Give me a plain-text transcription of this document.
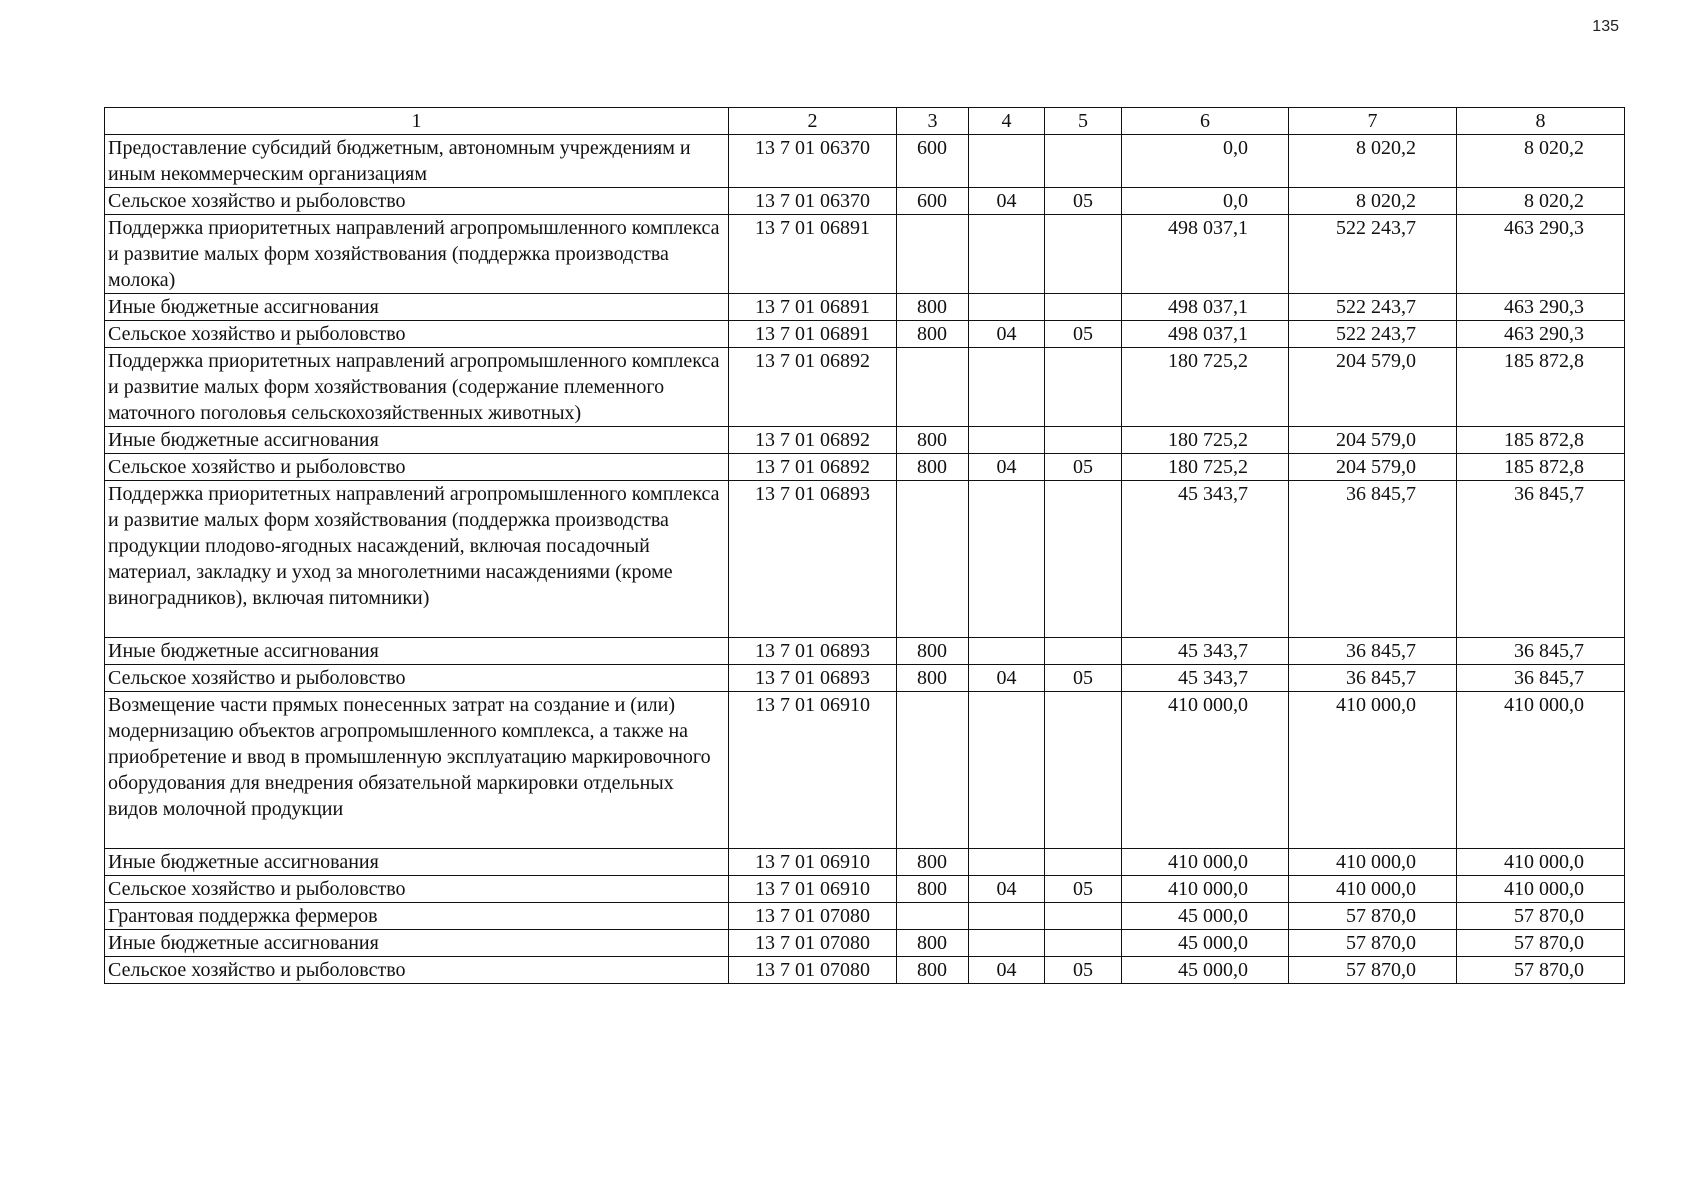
135
1	2	3	4	5	6	7	8
Предоставление субсидий бюджетным, автономным учреждениям и иным некоммерческим организациям	13 7 01 06370	600			0,0	8 020,2	8 020,2
Сельское хозяйство и рыболовство	13 7 01 06370	600	04	05	0,0	8 020,2	8 020,2
Поддержка приоритетных направлений агропромышленного комплекса и развитие малых форм хозяйствования (поддержка производства молока)	13 7 01 06891				498 037,1	522 243,7	463 290,3
Иные бюджетные ассигнования	13 7 01 06891	800			498 037,1	522 243,7	463 290,3
Сельское хозяйство и рыболовство	13 7 01 06891	800	04	05	498 037,1	522 243,7	463 290,3
Поддержка приоритетных направлений агропромышленного комплекса и развитие малых форм хозяйствования (содержание племенного маточного поголовья сельскохозяйственных животных)	13 7 01 06892				180 725,2	204 579,0	185 872,8
Иные бюджетные ассигнования	13 7 01 06892	800			180 725,2	204 579,0	185 872,8
Сельское хозяйство и рыболовство	13 7 01 06892	800	04	05	180 725,2	204 579,0	185 872,8
Поддержка приоритетных направлений агропромышленного комплекса и развитие малых форм хозяйствования (поддержка производства продукции плодово-ягодных насаждений, включая посадочный материал, закладку и уход за многолетними насаждениями (кроме виноградников), включая питомники)	13 7 01 06893				45 343,7	36 845,7	36 845,7
Иные бюджетные ассигнования	13 7 01 06893	800			45 343,7	36 845,7	36 845,7
Сельское хозяйство и рыболовство	13 7 01 06893	800	04	05	45 343,7	36 845,7	36 845,7
Возмещение части прямых понесенных затрат на создание и (или) модернизацию объектов агропромышленного комплекса, а также на приобретение и ввод в промышленную эксплуатацию маркировочного оборудования для внедрения обязательной маркировки отдельных видов молочной продукции	13 7 01 06910				410 000,0	410 000,0	410 000,0
Иные бюджетные ассигнования	13 7 01 06910	800			410 000,0	410 000,0	410 000,0
Сельское хозяйство и рыболовство	13 7 01 06910	800	04	05	410 000,0	410 000,0	410 000,0
Грантовая поддержка фермеров	13 7 01 07080				45 000,0	57 870,0	57 870,0
Иные бюджетные ассигнования	13 7 01 07080	800			45 000,0	57 870,0	57 870,0
Сельское хозяйство и рыболовство	13 7 01 07080	800	04	05	45 000,0	57 870,0	57 870,0
